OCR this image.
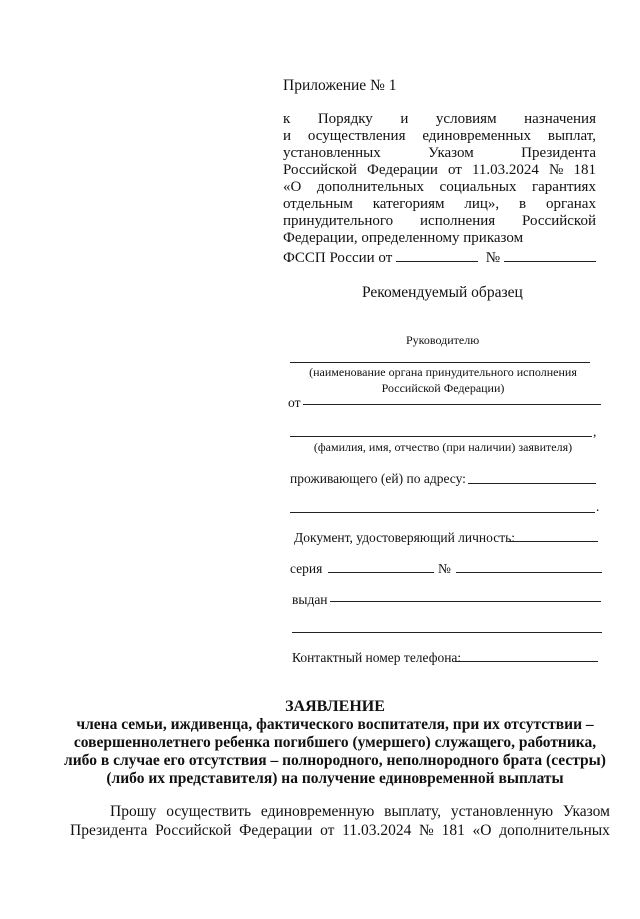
Приложение № 1
к Порядку и условиям назначения
и осуществления единовременных выплат,
установленных	Указом	Президента
Российской Федерации от 11.03.2024 № 181
«О дополнительных социальных гарантиях
отдельным категориям лиц», в органах
принудительного исполнения Российской
Федерации, определенному приказом
ФССП России от	№
Рекомендуемый образец
Руководителю
(наименование органа принудительного исполнения
Российской Федерации)
от
,
(фамилия, имя, отчество (при наличии) заявителя)
проживающего (ей) по адресу:
.
Документ, удостоверяющий личность:
серия	№
выдан
Контактный номер телефона:
ЗАЯВЛЕНИЕ
члена семьи, иждивенца, фактического воспитателя, при их отсутствии –
совершеннолетнего ребенка погибшего (умершего) служащего, работника,
либо в случае его отсутствия – полнородного, неполнородного брата (сестры)
(либо их представителя) на получение единовременной выплаты
Прошу осуществить единовременную выплату, установленную Указом
Президента Российской Федерации от 11.03.2024 № 181 «О дополнительных
